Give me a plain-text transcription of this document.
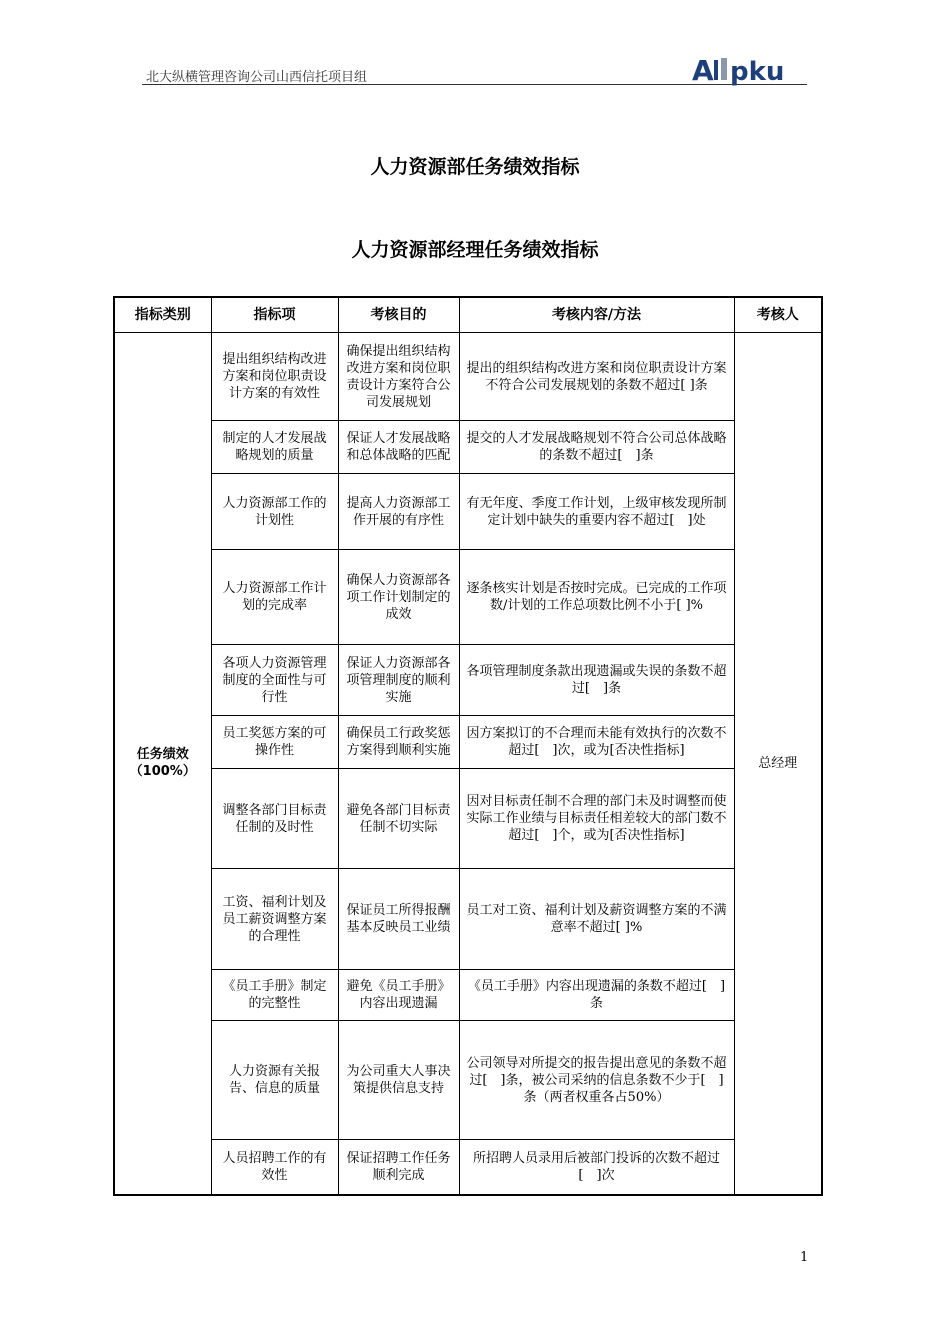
北大纵横管理咨询公司山西信托项目组	A pku
人力资源部任务绩效指标
人力资源部经理任务绩效指标
指标类别	指标项	考核目的	考核内容/方法	考核人

任务绩效
（100%）	提出组织结构改进方案和岗位职责设计方案的有效性	确保提出组织结构改进方案和岗位职责设计方案符合公司发展规划	提出的组织结构改进方案和岗位职责设计方案不符合公司发展规划的条数不超过[ ]条	总经理
	制定的人才发展战略规划的质量	保证人才发展战略和总体战略的匹配	提交的人才发展战略规划不符合公司总体战略的条数不超过[　]条	
	人力资源部工作的计划性	提高人力资源部工作开展的有序性	有无年度、季度工作计划，上级审核发现所制定计划中缺失的重要内容不超过[　]处	
	人力资源部工作计划的完成率	确保人力资源部各项工作计划制定的成效	逐条核实计划是否按时完成。已完成的工作项数/计划的工作总项数比例不小于[ ]%	
	各项人力资源管理制度的全面性与可行性	保证人力资源部各项管理制度的顺利实施	各项管理制度条款出现遗漏或失误的条数不超过[　]条	
	员工奖惩方案的可操作性	确保员工行政奖惩方案得到顺利实施	因方案拟订的不合理而未能有效执行的次数不超过[　]次，或为[否决性指标]	
	调整各部门目标责任制的及时性	避免各部门目标责任制不切实际	因对目标责任制不合理的部门未及时调整而使实际工作业绩与目标责任相差较大的部门数不超过[　]个，或为[否决性指标]	
	工资、福利计划及员工薪资调整方案的合理性	保证员工所得报酬基本反映员工业绩	员工对工资、福利计划及薪资调整方案的不满意率不超过[ ]%	
	《员工手册》制定的完整性	避免《员工手册》内容出现遗漏	《员工手册》内容出现遗漏的条数不超过[　]条	
	人力资源有关报告、信息的质量	为公司重大人事决策提供信息支持	公司领导对所提交的报告提出意见的条数不超过[　]条，被公司采纳的信息条数不少于[　]条（两者权重各占50%）	
	人员招聘工作的有效性	保证招聘工作任务顺利完成	所招聘人员录用后被部门投诉的次数不超过[　]次	
1
